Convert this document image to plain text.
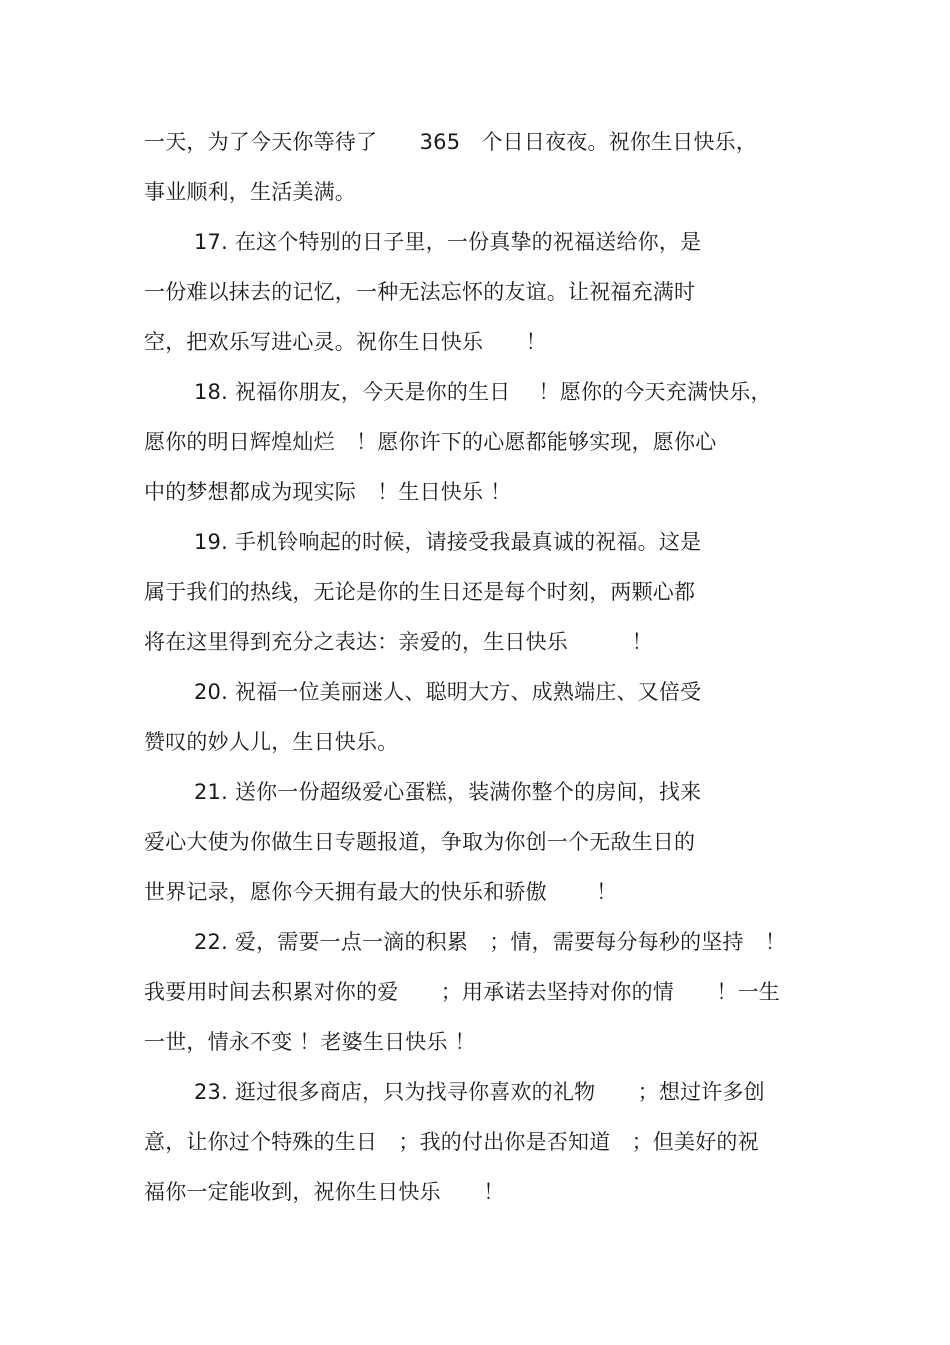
一天，为了今天你等待了　　365　个日日夜夜。祝你生日快乐，
事业顺利，生活美满。
17. 在这个特别的日子里，一份真挚的祝福送给你，是
一份难以抹去的记忆，一种无法忘怀的友谊。让祝福充满时
空，把欢乐写进心灵。祝你生日快乐　　！
18. 祝福你朋友，今天是你的生日　 ！愿你的今天充满快乐，
愿你的明日辉煌灿烂　！愿你许下的心愿都能够实现，愿你心
中的梦想都成为现实际　！生日快乐 ！
19. 手机铃响起的时候，请接受我最真诚的祝福。这是
属于我们的热线，无论是你的生日还是每个时刻，两颗心都
将在这里得到充分之表达：亲爱的，生日快乐　　　！
20. 祝福一位美丽迷人、聪明大方、成熟端庄、又倍受
赞叹的妙人儿，生日快乐。
21. 送你一份超级爱心蛋糕，装满你整个的房间，找来
爱心大使为你做生日专题报道，争取为你创一个无敌生日的
世界记录，愿你今天拥有最大的快乐和骄傲　　 ！
22. 爱，需要一点一滴的积累　；情，需要每分每秒的坚持　！
我要用时间去积累对你的爱　　；用承诺去坚持对你的情　　！一生
一世，情永不变 ！老婆生日快乐 ！
23. 逛过很多商店，只为找寻你喜欢的礼物　　；想过许多创
意，让你过个特殊的生日　；我的付出你是否知道　；但美好的祝
福你一定能收到，祝你生日快乐　　！
